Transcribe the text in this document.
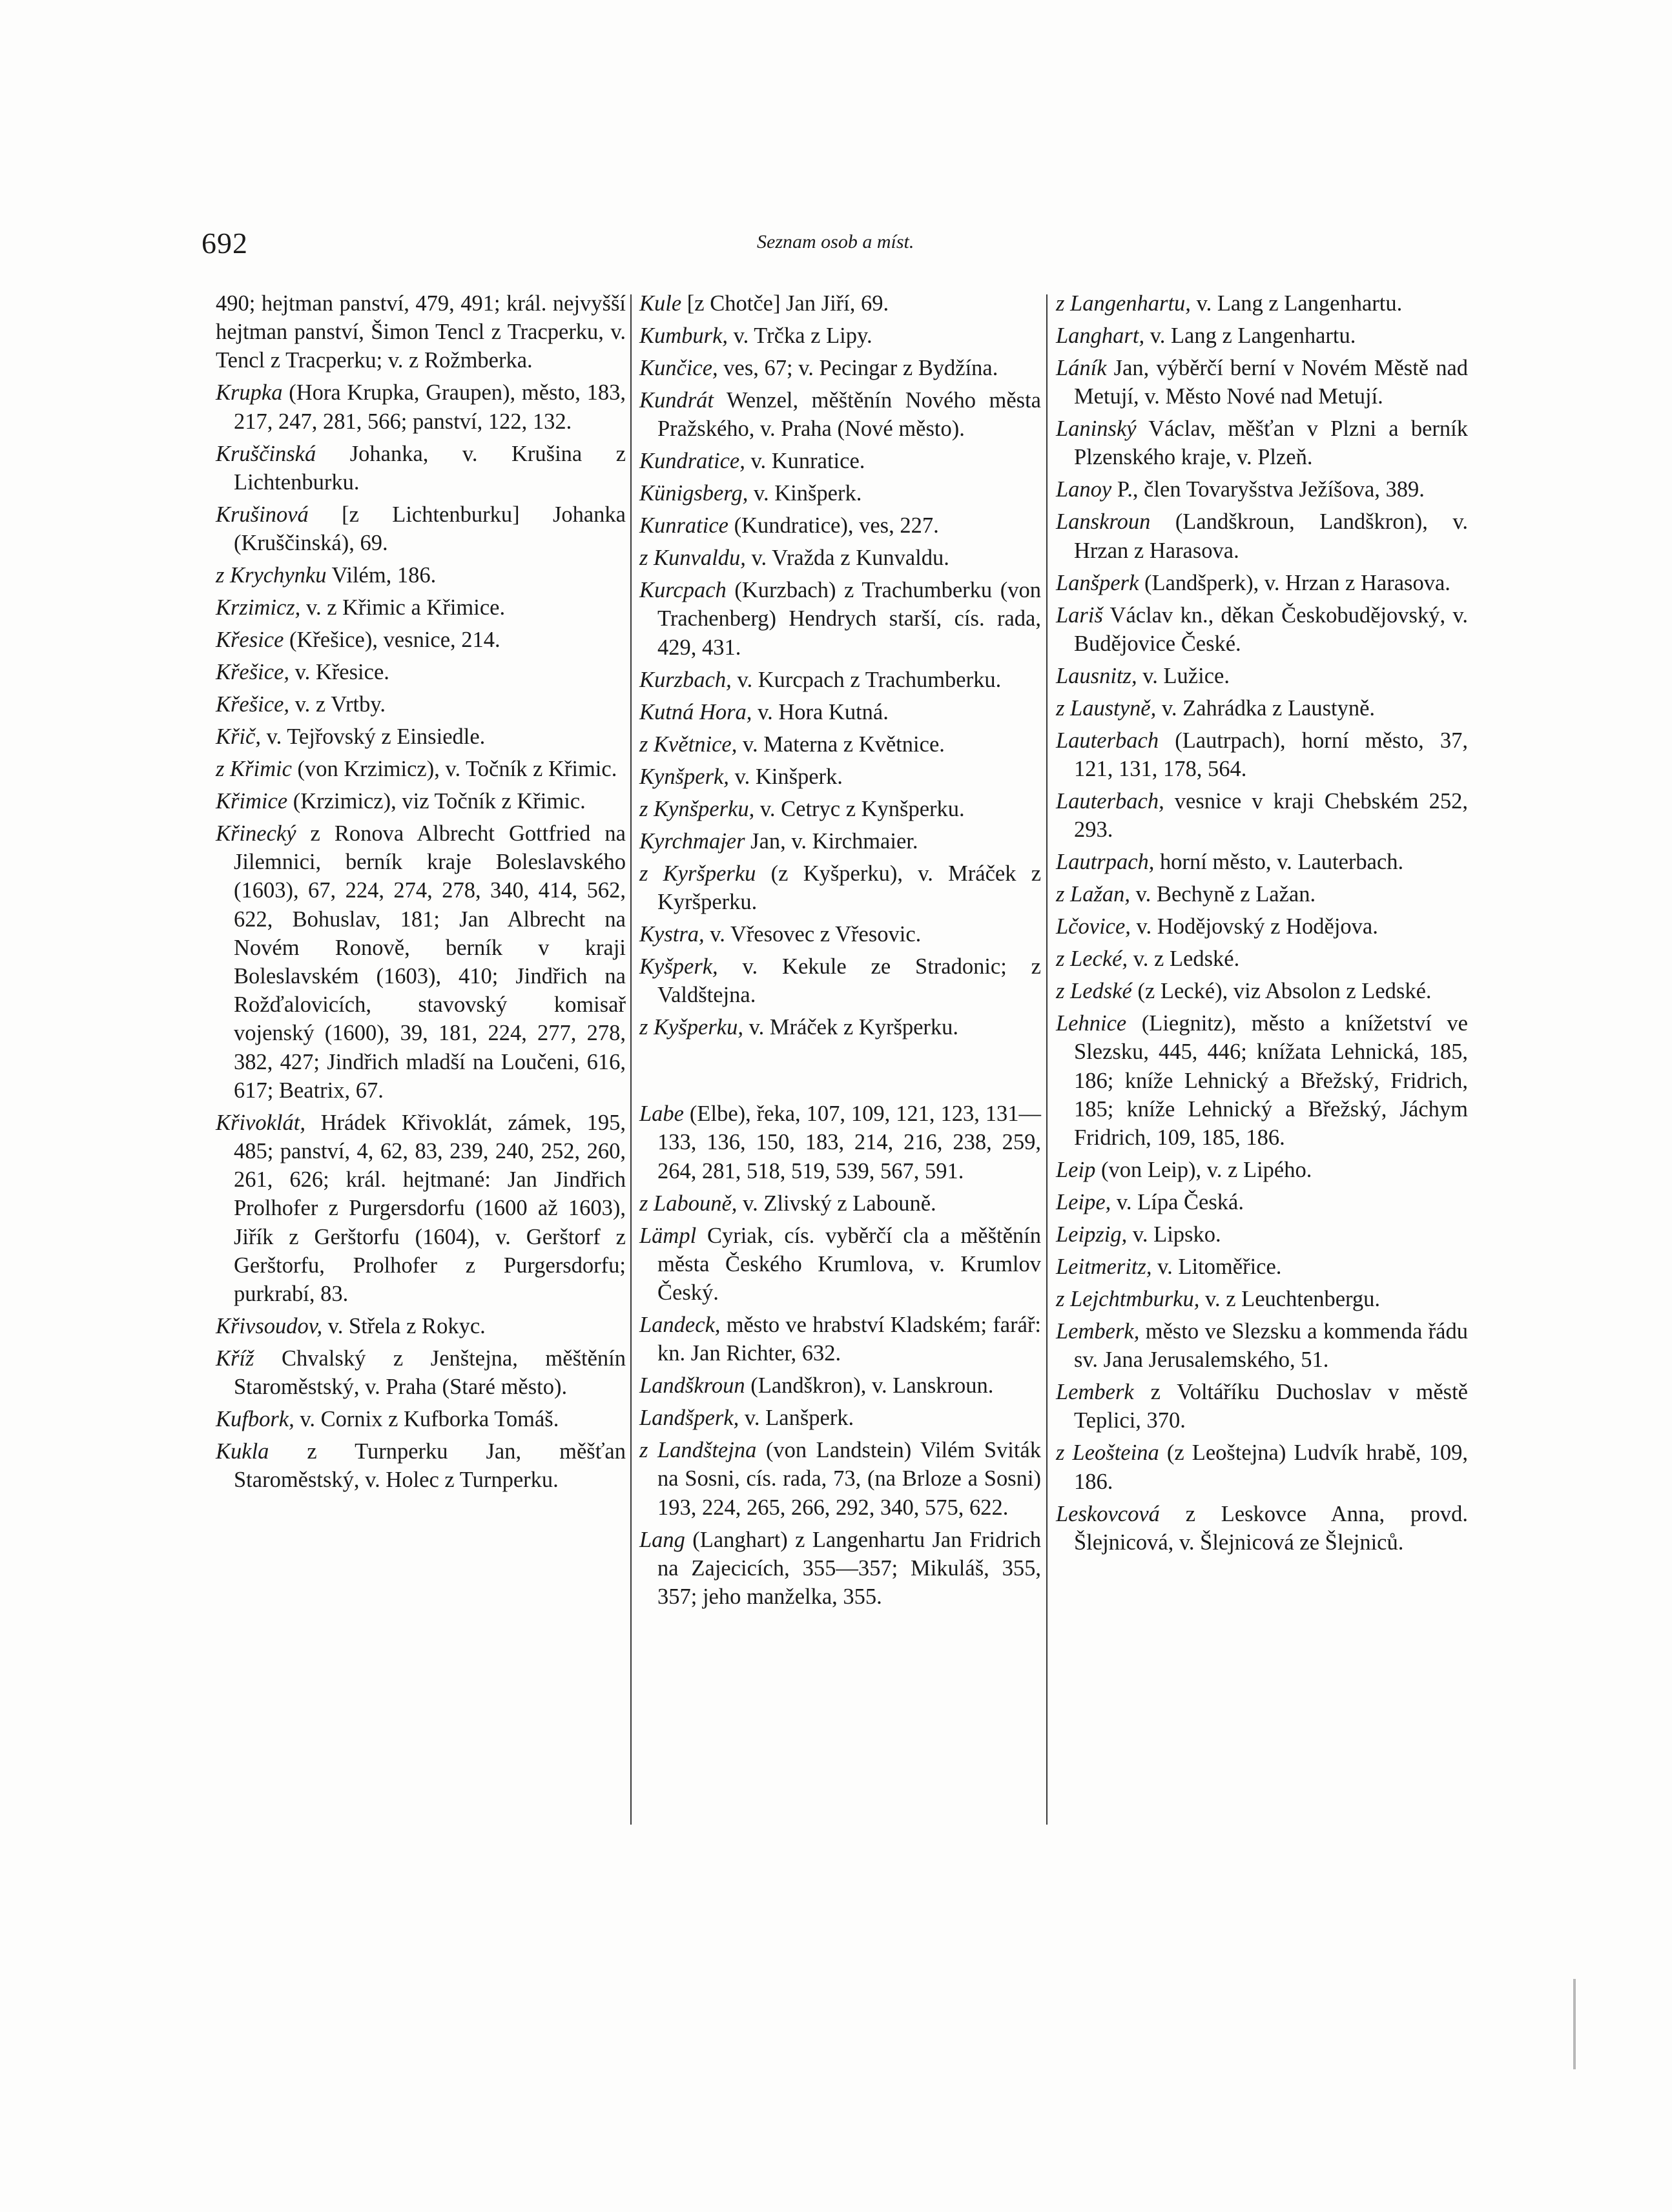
692	Seznam osob a míst.

490; hejtman panství, 479, 491; král. nejvyšší hejtman panství, Šimon Tencl z Tracperku, v. Tencl z Tracperku; v. z Rožmberka.

Krupka (Hora Krupka, Graupen), město, 183, 217, 247, 281, 566; panství, 122, 132.

Kruščinská Johanka, v. Krušina z Lichtenburku.

Krušinová [z Lichtenburku] Johanka (Kruščinská), 69.

z Krychynku Vilém, 186.

Krzimicz, v. z Křimic a Křimice.

Křesice (Křešice), vesnice, 214.

Křešice, v. Křesice.

Křešice, v. z Vrtby.

Křič, v. Tejřovský z Einsiedle.

z Křimic (von Krzimicz), v. Točník z Křimic.

Křimice (Krzimicz), viz Točník z Křimic.

Křinecký z Ronova Albrecht Gottfried na Jilemnici, berník kraje Boleslavského (1603), 67, 224, 274, 278, 340, 414, 562, 622, Bohuslav, 181; Jan Albrecht na Novém Ronově, berník v kraji Boleslavském (1603), 410; Jindřich na Rožďalovicích, stavovský komisař vojenský (1600), 39, 181, 224, 277, 278, 382, 427; Jindřich mladší na Loučeni, 616, 617; Beatrix, 67.

Křivoklát, Hrádek Křivoklát, zámek, 195, 485; panství, 4, 62, 83, 239, 240, 252, 260, 261, 626; král. hejtmané: Jan Jindřich Prolhofer z Purgersdorfu (1600 až 1603), Jiřík z Gerštorfu (1604), v. Gerštorf z Gerštorfu, Prolhofer z Purgersdorfu; purkrabí, 83.

Křivsoudov, v. Střela z Rokyc.

Kříž Chvalský z Jenštejna, měštěnín Staroměstský, v. Praha (Staré město).

Kufbork, v. Cornix z Kufborka Tomáš.

Kukla z Turnperku Jan, měšťan Staroměstský, v. Holec z Turnperku.

Kule [z Chotče] Jan Jiří, 69.

Kumburk, v. Trčka z Lipy.

Kunčice, ves, 67; v. Pecingar z Bydžína.

Kundrát Wenzel, měštěnín Nového města Pražského, v. Praha (Nové město).

Kundratice, v. Kunratice.

Künigsberg, v. Kinšperk.

Kunratice (Kundratice), ves, 227.

z Kunvaldu, v. Vražda z Kunvaldu.

Kurcpach (Kurzbach) z Trachumberku (von Trachenberg) Hendrych starší, cís. rada, 429, 431.

Kurzbach, v. Kurcpach z Trachumberku.

Kutná Hora, v. Hora Kutná.

z Květnice, v. Materna z Květnice.

Kynšperk, v. Kinšperk.

z Kynšperku, v. Cetryc z Kynšperku.

Kyrchmajer Jan, v. Kirchmaier.

z Kyršperku (z Kyšperku), v. Mráček z Kyršperku.

Kystra, v. Vřesovec z Vřesovic.

Kyšperk, v. Kekule ze Stradonic; z Valdštejna.

z Kyšperku, v. Mráček z Kyršperku.

Labe (Elbe), řeka, 107, 109, 121, 123, 131—133, 136, 150, 183, 214, 216, 238, 259, 264, 281, 518, 519, 539, 567, 591.

z Labouně, v. Zlivský z Labouně.

Lämpl Cyriak, cís. vyběrčí cla a měštěnín města Českého Krumlova, v. Krumlov Český.

Landeck, město ve hrabství Kladském; farář: kn. Jan Richter, 632.

Landškroun (Landškron), v. Lanskroun.

Landšperk, v. Lanšperk.

z Landštejna (von Landstein) Vilém Sviták na Sosni, cís. rada, 73, (na Brloze a Sosni) 193, 224, 265, 266, 292, 340, 575, 622.

Lang (Langhart) z Langenhartu Jan Fridrich na Zajecicích, 355—357; Mikuláš, 355, 357; jeho manželka, 355.

z Langenhartu, v. Lang z Langenhartu.

Langhart, v. Lang z Langenhartu.

Láník Jan, výběrčí berní v Novém Městě nad Metují, v. Město Nové nad Metují.

Laninský Václav, měšťan v Plzni a berník Plzenského kraje, v. Plzeň.

Lanoy P., člen Tovaryšstva Ježíšova, 389.

Lanskroun (Landškroun, Landškron), v. Hrzan z Harasova.

Lanšperk (Landšperk), v. Hrzan z Harasova.

Lariš Václav kn., děkan Českobudějovský, v. Budějovice České.

Lausnitz, v. Lužice.

z Laustyně, v. Zahrádka z Laustyně.

Lauterbach (Lautrpach), horní město, 37, 121, 131, 178, 564.

Lauterbach, vesnice v kraji Chebském 252, 293.

Lautrpach, horní město, v. Lauterbach.

z Lažan, v. Bechyně z Lažan.

Lčovice, v. Hodějovský z Hodějova.

z Lecké, v. z Ledské.

z Ledské (z Lecké), viz Absolon z Ledské.

Lehnice (Liegnitz), město a knížetství ve Slezsku, 445, 446; knížata Lehnická, 185, 186; kníže Lehnický a Břežský, Fridrich, 185; kníže Lehnický a Břežský, Jáchym Fridrich, 109, 185, 186.

Leip (von Leip), v. z Lipého.

Leipe, v. Lípa Česká.

Leipzig, v. Lipsko.

Leitmeritz, v. Litoměřice.

z Lejchtmburku, v. z Leuchtenbergu.

Lemberk, město ve Slezsku a kommenda řádu sv. Jana Jerusalemského, 51.

Lemberk z Voltáříku Duchoslav v městě Teplici, 370.

z Leošteina (z Leoštejna) Ludvík hrabě, 109, 186.

Leskovcová z Leskovce Anna, provd. Šlejnicová, v. Šlejnicová ze Šlejniců.
